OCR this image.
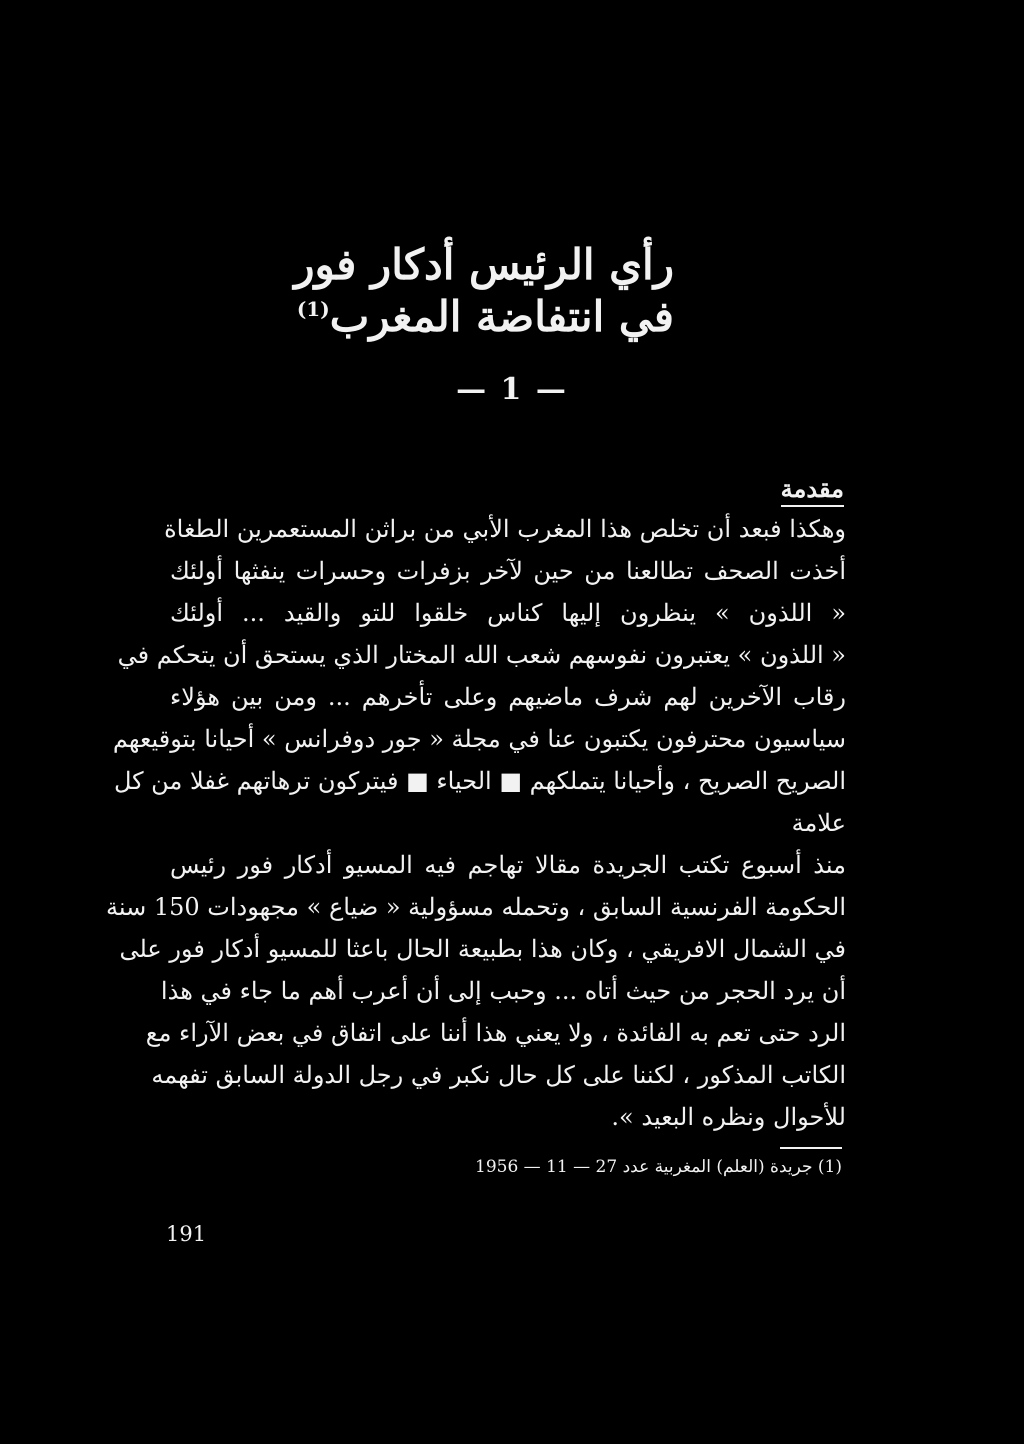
رأي الرئيس أدكار فور
في انتفاضة المغرب$^{(1)}$
— 1 —
مقدمة
وهكذا فبعد أن تخلص هذا المغرب الأبي من براثن المستعمرين الطغاة
أخذت الصحف تطالعنا من حين لآخر بزفرات وحسرات ينفثها أولئك
« اللذون » ينظرون إليها كناس خلقوا للتو والقيد ... أولئك
« اللذون » يعتبرون نفوسهم شعب الله المختار الذي يستحق أن يتحكم في
رقاب الآخرين لهم شرف ماضيهم وعلى تأخرهم ... ومن بين هؤلاء
سياسيون محترفون يكتبون عنا في مجلة « جور دوفرانس » أحيانا بتوقيعهم
الصريح الصريح ، وأحيانا يتملكهم ■ الحياء ■ فيتركون ترهاتهم غفلا من كل
علامة
منذ أسبوع تكتب الجريدة مقالا تهاجم فيه المسيو أدكار فور رئيس
الحكومة الفرنسية السابق ، وتحمله مسؤولية « ضياع » مجهودات 150 سنة
في الشمال الافريقي ، وكان هذا بطبيعة الحال باعثا للمسيو أدكار فور على
أن يرد الحجر من حيث أتاه ... وحبب إلى أن أعرب أهم ما جاء في هذا
الرد حتى تعم به الفائدة ، ولا يعني هذا أننا على اتفاق في بعض الآراء مع
الكاتب المذكور ، لكننا على كل حال نكبر في رجل الدولة السابق تفهمه
للأحوال ونظره البعيد ».
(1) جريدة (العلم) المغربية عدد 27 — 11 — 1956
191
